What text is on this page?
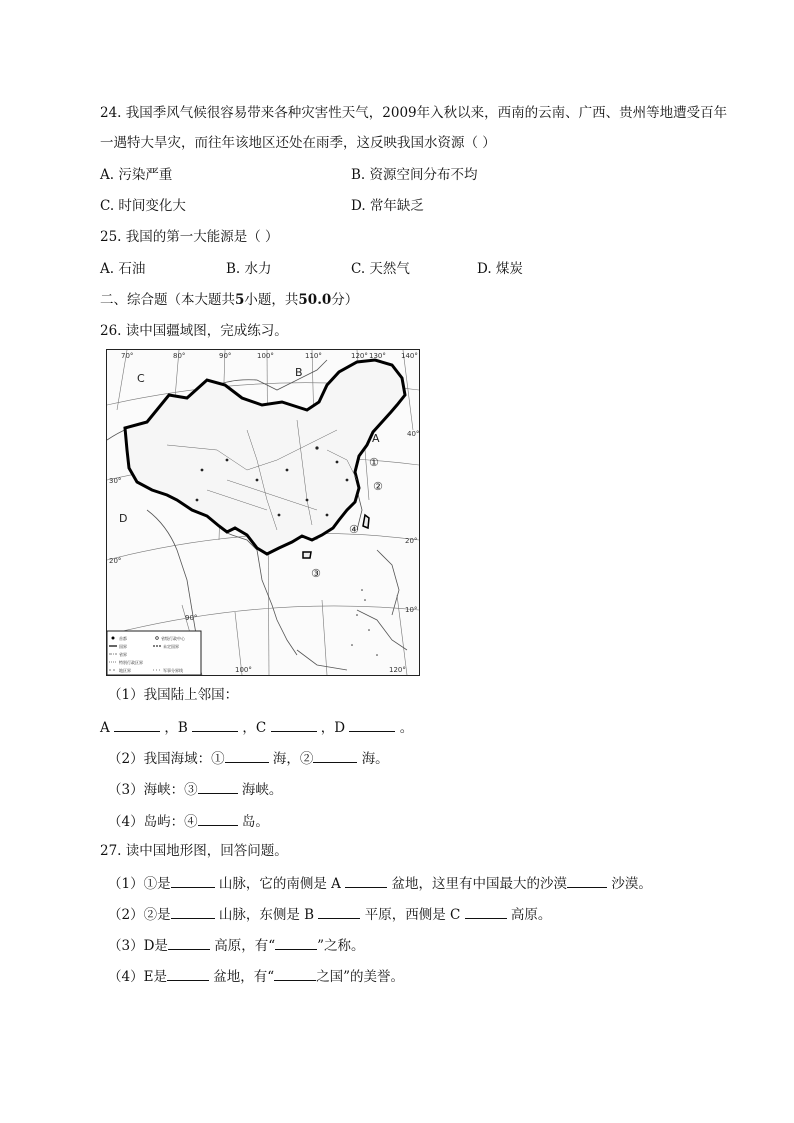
24. 我国季风气候很容易带来各种灾害性天气，2009年入秋以来，西南的云南、广西、贵州等地遭受百年
一遇特大旱灾，而往年该地区还处在雨季，这反映我国水资源（ ）
A. 污染严重	B. 资源空间分布不均
C. 时间变化大	D. 常年缺乏
25. 我国的第一大能源是（ ）
A. 石油	B. 水力	C. 天然气	D. 煤炭
二、综合题（本大题共5小题，共50.0分）
26. 读中国疆域图，完成练习。
C	B
A
D
①
②
③
④
70°	80°	90°	100°	110°	120° 130° 140°
40°
30°
20°
20°
10°
90°
100°	120°
首都	省级行政中心
国界	未定国界
省界
特别行政区界
地区界	军事分界线
（1）我国陆上邻国：
A	，B	，C	，D	。
（2）我国海域：①	海，②	海。
（3）海峡：③	海峡。
（4）岛屿：④	岛。
27. 读中国地形图，回答问题。
（1）①是	山脉，它的南侧是 A	盆地，这里有中国最大的沙漠	沙漠。
（2）②是	山脉，东侧是 B	平原，西侧是 C	高原。
（3）D是	高原，有“	”之称。
（4）E是	盆地，有“	之国”的美誉。
